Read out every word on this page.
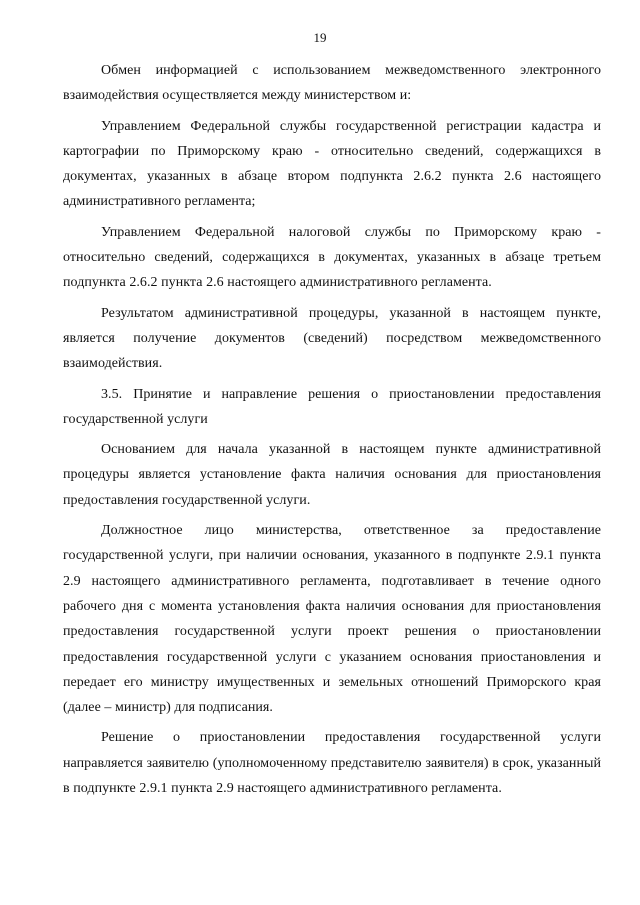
19

Обмен информацией с использованием межведомственного электронного взаимодействия осуществляется между министерством и:

Управлением Федеральной службы государственной регистрации кадастра и картографии по Приморскому краю - относительно сведений, содержащихся в документах, указанных в абзаце втором подпункта 2.6.2 пункта 2.6 настоящего административного регламента;

Управлением Федеральной налоговой службы по Приморскому краю - относительно сведений, содержащихся в документах, указанных в абзаце третьем подпункта 2.6.2 пункта 2.6 настоящего административного регламента.

Результатом административной процедуры, указанной в настоящем пункте, является получение документов (сведений) посредством межведомственного взаимодействия.

3.5. Принятие и направление решения о приостановлении предоставления государственной услуги

Основанием для начала указанной в настоящем пункте административной процедуры является установление факта наличия основания для приостановления предоставления государственной услуги.

Должностное лицо министерства, ответственное за предоставление государственной услуги, при наличии основания, указанного в подпункте 2.9.1 пункта 2.9 настоящего административного регламента, подготавливает в течение одного рабочего дня с момента установления факта наличия основания для приостановления предоставления государственной услуги проект решения о приостановлении предоставления государственной услуги с указанием основания приостановления и передает его министру имущественных и земельных отношений Приморского края (далее – министр) для подписания.

Решение о приостановлении предоставления государственной услуги направляется заявителю (уполномоченному представителю заявителя) в срок, указанный в подпункте 2.9.1 пункта 2.9 настоящего административного регламента.
